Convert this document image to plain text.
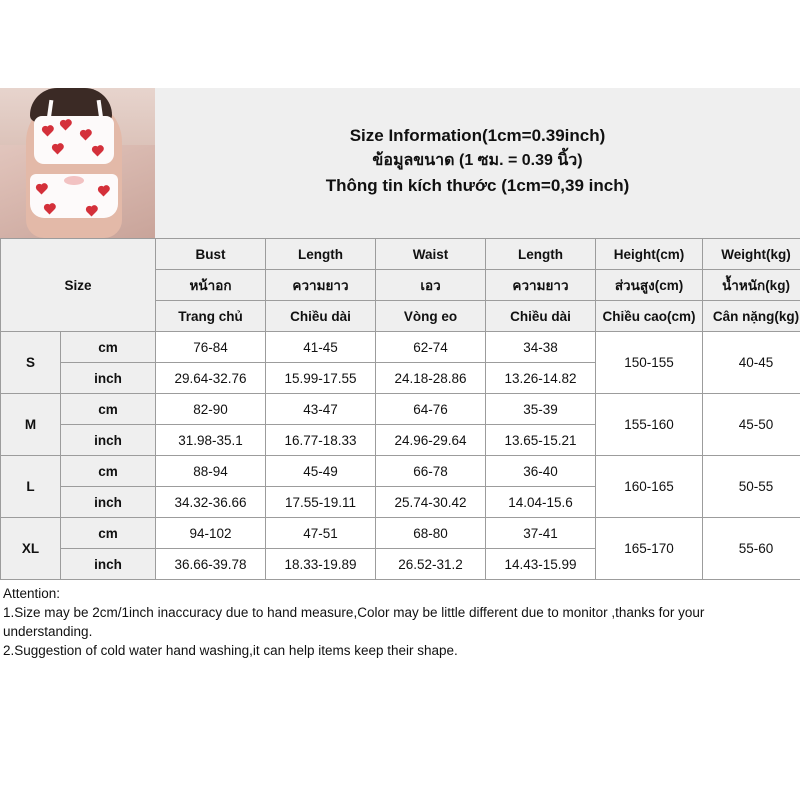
Size Information(1cm=0.39inch)
ข้อมูลขนาด (1 ซม. = 0.39 นิ้ว)
Thông tin kích thước (1cm=0,39 inch)
Size		Bust	Length	Waist	Length	Height(cm)	Weight(kg)
		หน้าอก	ความยาว	เอว	ความยาว	ส่วนสูง(cm)	น้ำหนัก(kg)
		Trang chủ	Chiều dài	Vòng eo	Chiều dài	Chiều cao(cm)	Cân nặng(kg)
S	cm	76-84	41-45	62-74	34-38	150-155	40-45
	inch	29.64-32.76	15.99-17.55	24.18-28.86	13.26-14.82		
M	cm	82-90	43-47	64-76	35-39	155-160	45-50
	inch	31.98-35.1	16.77-18.33	24.96-29.64	13.65-15.21		
L	cm	88-94	45-49	66-78	36-40	160-165	50-55
	inch	34.32-36.66	17.55-19.11	25.74-30.42	14.04-15.6		
XL	cm	94-102	47-51	68-80	37-41	165-170	55-60
	inch	36.66-39.78	18.33-19.89	26.52-31.2	14.43-15.99		

Attention:

1.Size may be 2cm/1inch inaccuracy due to hand measure,Color may be little different due to monitor ,thanks for your understanding.

2.Suggestion of cold water hand washing,it can help items keep their shape.
